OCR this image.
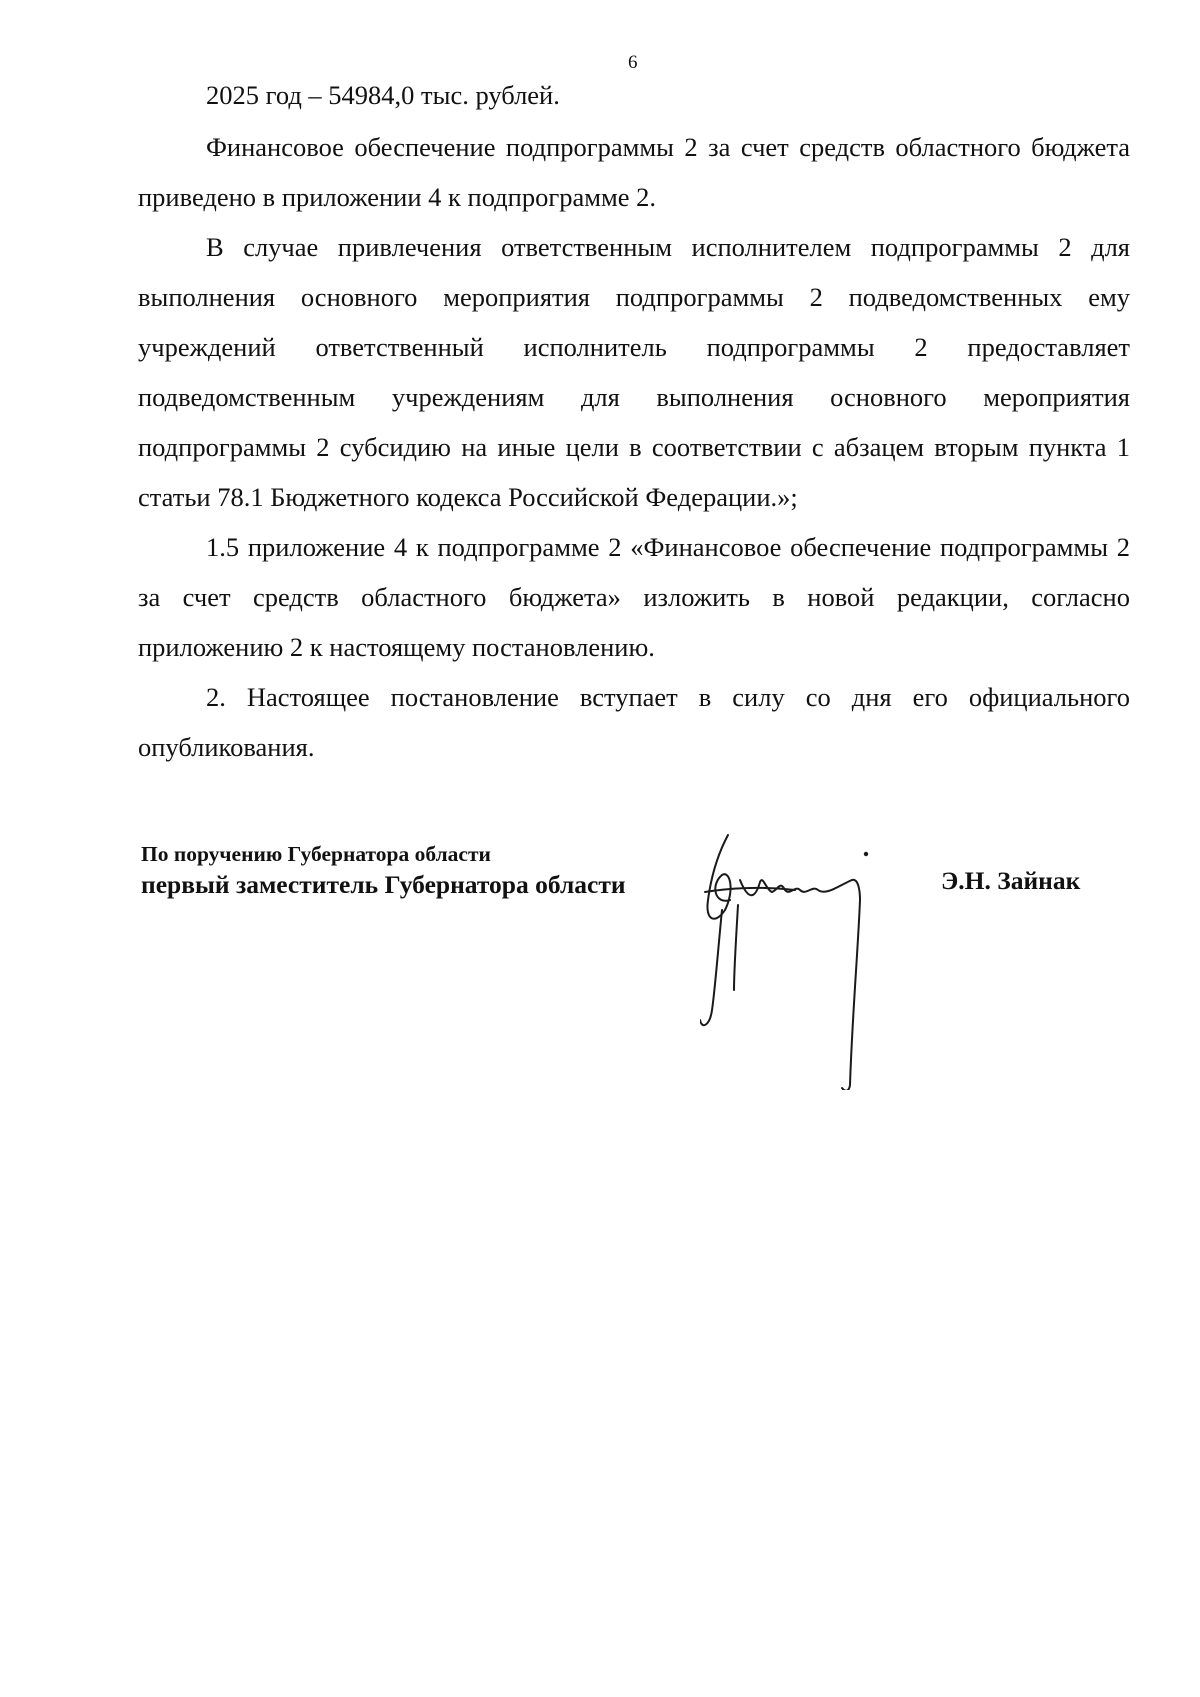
6

2025 год – 54984,0 тыс. рублей.

Финансовое обеспечение подпрограммы 2 за счет средств областного бюджета приведено в приложении 4 к подпрограмме 2.

В случае привлечения ответственным исполнителем подпрограммы 2 для выполнения основного мероприятия подпрограммы 2 подведомственных ему учреждений ответственный исполнитель подпрограммы 2 предоставляет подведомственным учреждениям для выполнения основного мероприятия подпрограммы 2 субсидию на иные цели в соответствии с абзацем вторым пункта 1 статьи 78.1 Бюджетного кодекса Российской Федерации.»;

1.5 приложение 4 к подпрограмме 2 «Финансовое обеспечение подпрограммы 2 за счет средств областного бюджета» изложить в новой редакции, согласно приложению 2 к настоящему постановлению.

2. Настоящее постановление вступает в силу со дня его официального опубликования.

По поручению Губернатора области
первый заместитель Губернатора области	Э.Н. Зайнак
